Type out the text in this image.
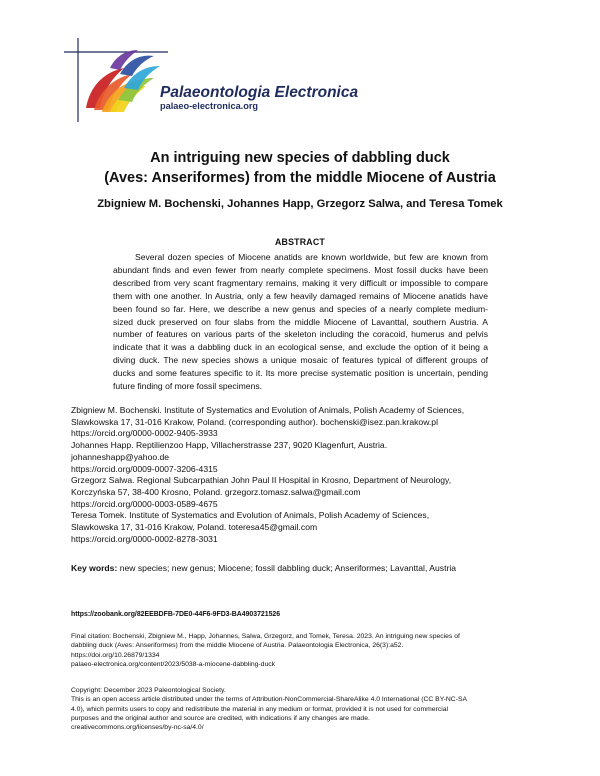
Palaeontologia Electronica
palaeo-electronica.org
An intriguing new species of dabbling duck
(Aves: Anseriformes) from the middle Miocene of Austria
Zbigniew M. Bochenski, Johannes Happ, Grzegorz Salwa, and Teresa Tomek
ABSTRACT

Several dozen species of Miocene anatids are known worldwide, but few are known from abundant finds and even fewer from nearly complete specimens. Most fossil ducks have been described from very scant fragmentary remains, making it very difficult or impossible to compare them with one another. In Austria, only a few heavily damaged remains of Miocene anatids have been found so far. Here, we describe a new genus and species of a nearly complete medium-sized duck preserved on four slabs from the middle Miocene of Lavanttal, southern Austria. A number of features on various parts of the skeleton including the coracoid, humerus and pelvis indicate that it was a dabbling duck in an ecological sense, and exclude the option of it being a diving duck. The new species shows a unique mosaic of features typical of different groups of ducks and some features specific to it. Its more precise systematic position is uncertain, pending future finding of more fossil specimens.

Zbigniew M. Bochenski. Institute of Systematics and Evolution of Animals, Polish Academy of Sciences,
Slawkowska 17, 31-016 Krakow, Poland. (corresponding author). bochenski@isez.pan.krakow.pl
https://orcid.org/0000-0002-9405-3933
Johannes Happ. Reptilienzoo Happ, Villacherstrasse 237, 9020 Klagenfurt, Austria.
johanneshapp@yahoo.de
https://orcid.org/0009-0007-3206-4315
Grzegorz Salwa. Regional Subcarpathian John Paul II Hospital in Krosno, Department of Neurology,
Korczyńska 57, 38-400 Krosno, Poland. grzegorz.tomasz.salwa@gmail.com
https://orcid.org/0000-0003-0589-4675
Teresa Tomek. Institute of Systematics and Evolution of Animals, Polish Academy of Sciences,
Slawkowska 17, 31-016 Krakow, Poland. toteresa45@gmail.com
https://orcid.org/0000-0002-8278-3031
Key words: new species; new genus; Miocene; fossil dabbling duck; Anseriformes; Lavanttal, Austria
https://zoobank.org/82EEBDFB-7DE0-44F6-9FD3-BA4903721526
Final citation: Bochenski, Zbigniew M., Happ, Johannes, Salwa, Grzegorz, and Tomek, Teresa. 2023. An intriguing new species of
dabbling duck (Aves: Anseriformes) from the middle Miocene of Austria. Palaeontologia Electronica, 26(3):a52.
https://doi.org/10.26879/1334
palaeo-electronica.org/content/2023/5038-a-miocene-dabbling-duck
Copyright: December 2023 Paleontological Society.
This is an open access article distributed under the terms of Attribution-NonCommercial-ShareAlike 4.0 International (CC BY-NC-SA
4.0), which permits users to copy and redistribute the material in any medium or format, provided it is not used for commercial
purposes and the original author and source are credited, with indications if any changes are made.
creativecommons.org/licenses/by-nc-sa/4.0/
